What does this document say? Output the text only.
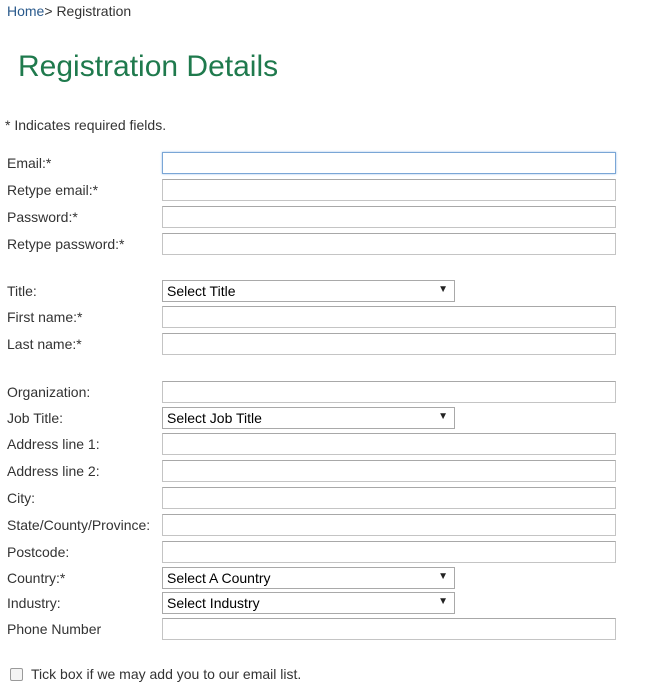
Home> Registration
Registration Details
* Indicates required fields.
Email:*
Retype email:*
Password:*
Retype password:*
Title:	Select Title	▼
First name:*
Last name:*
Organization:
Job Title:	Select Job Title	▼
Address line 1:
Address line 2:
City:
State/County/Province:
Postcode:
Country:*	Select A Country	▼
Industry:	Select Industry	▼
Phone Number
Tick box if we may add you to our email list.
